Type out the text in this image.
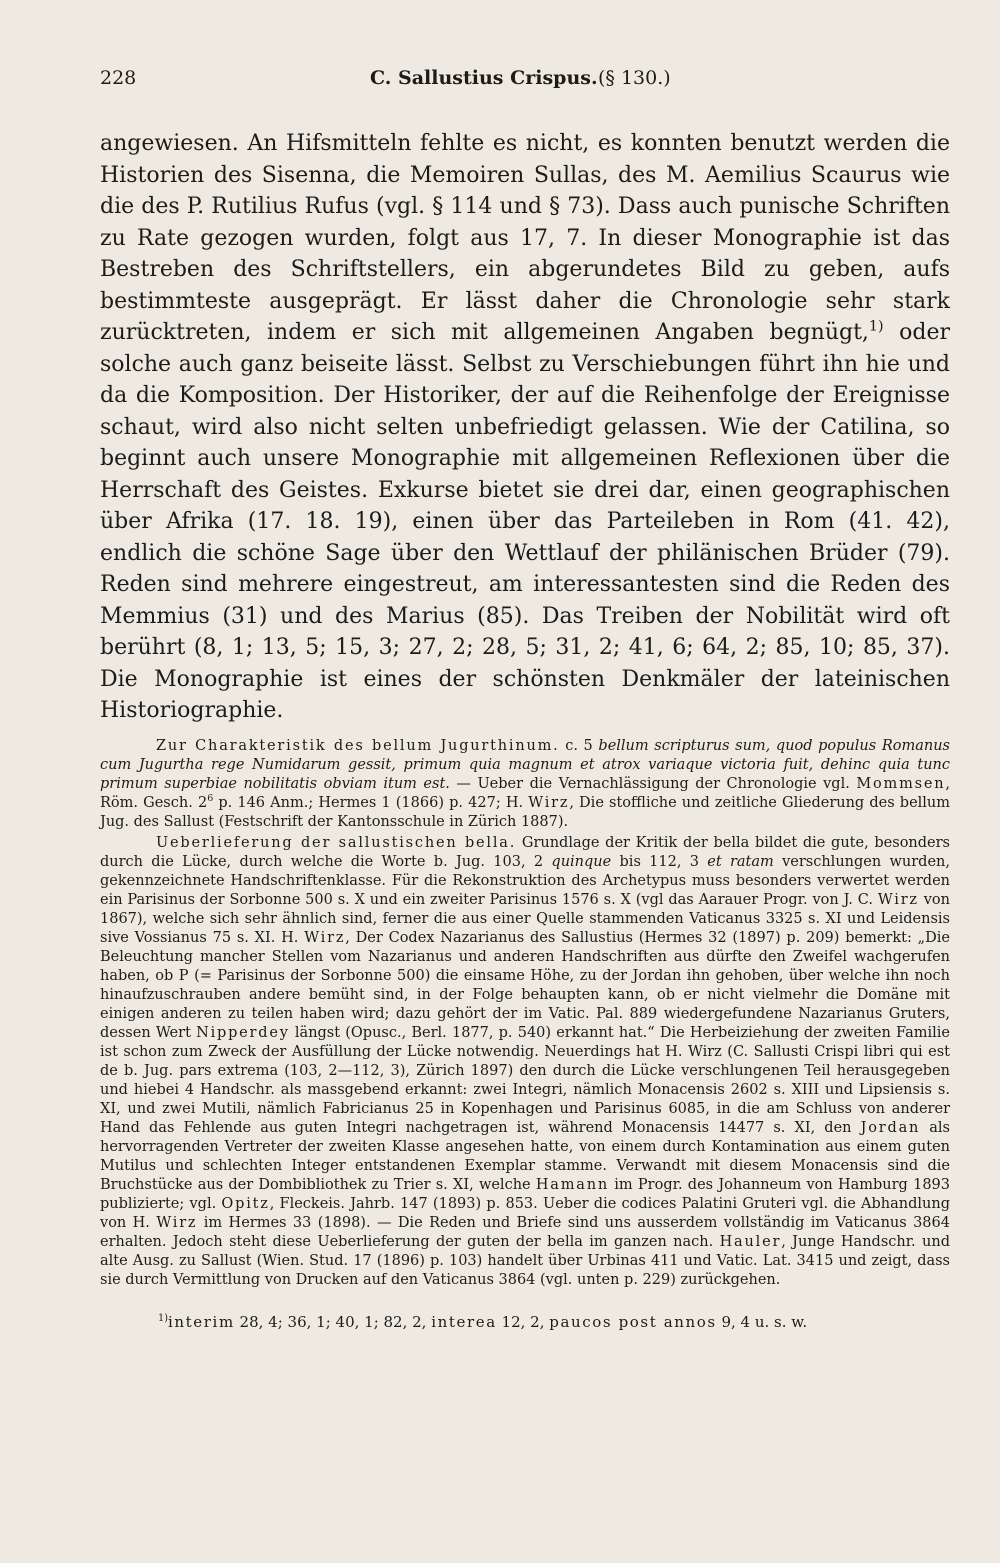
228	C. Sallustius Crispus. (§ 130.)

angewiesen. An Hifsmitteln fehlte es nicht, es konnten benutzt werden die Historien des Sisenna, die Memoiren Sullas, des M. Aemilius Scaurus wie die des P. Rutilius Rufus (vgl. § 114 und § 73). Dass auch punische Schriften zu Rate gezogen wurden, folgt aus 17, 7. In dieser Monographie ist das Bestreben des Schriftstellers, ein abgerundetes Bild zu geben, aufs bestimmteste ausgeprägt. Er lässt daher die Chronologie sehr stark zurücktreten, indem er sich mit allgemeinen Angaben begnügt,$^{1)}$ oder solche auch ganz beiseite lässt. Selbst zu Verschiebungen führt ihn hie und da die Komposition. Der Historiker, der auf die Reihenfolge der Ereignisse schaut, wird also nicht selten unbefriedigt gelassen. Wie der Catilina, so beginnt auch unsere Monographie mit allgemeinen Reflexionen über die Herrschaft des Geistes. Exkurse bietet sie drei dar, einen geographischen über Afrika (17. 18. 19), einen über das Parteileben in Rom (41. 42), endlich die schöne Sage über den Wettlauf der philänischen Brüder (79). Reden sind mehrere eingestreut, am interessantesten sind die Reden des Memmius (31) und des Marius (85). Das Treiben der Nobilität wird oft berührt (8, 1; 13, 5; 15, 3; 27, 2; 28, 5; 31, 2; 41, 6; 64, 2; 85, 10; 85, 37). Die Monographie ist eines der schönsten Denkmäler der lateinischen Historiographie.

Zur Charakteristik des bellum Jugurthinum. c. 5 bellum scripturus sum, quod populus Romanus cum Jugurtha rege Numidarum gessit, primum quia magnum et atrox variaque victoria fuit, dehinc quia tunc primum superbiae nobilitatis obviam itum est. — Ueber die Vernachlässigung der Chronologie vgl. Mommsen, Röm. Gesch. $2^6$ p. 146 Anm.; Hermes 1 (1866) p. 427; H. Wirz, Die stoffliche und zeitliche Gliederung des bellum Jug. des Sallust (Festschrift der Kantonsschule in Zürich 1887).

Ueberlieferung der sallustischen bella. Grundlage der Kritik der bella bildet die gute, besonders durch die Lücke, durch welche die Worte b. Jug. 103, 2 quinque bis 112, 3 et ratam verschlungen wurden, gekennzeichnete Handschriftenklasse. Für die Rekonstruktion des Archetypus muss besonders verwertet werden ein Parisinus der Sorbonne 500 s. X und ein zweiter Parisinus 1576 s. X (vgl das Aarauer Progr. von J. C. Wirz von 1867), welche sich sehr ähnlich sind, ferner die aus einer Quelle stammenden Vaticanus 3325 s. XI und Leidensis sive Vossianus 75 s. XI. H. Wirz, Der Codex Nazarianus des Sallustius (Hermes 32 (1897) p. 209) bemerkt: „Die Beleuchtung mancher Stellen vom Nazarianus und anderen Handschriften aus dürfte den Zweifel wachgerufen haben, ob P (= Parisinus der Sorbonne 500) die einsame Höhe, zu der Jordan ihn gehoben, über welche ihn noch hinaufzuschrauben andere bemüht sind, in der Folge behaupten kann, ob er nicht vielmehr die Domäne mit einigen anderen zu teilen haben wird; dazu gehört der im Vatic. Pal. 889 wiedergefundene Nazarianus Gruters, dessen Wert Nipperdey längst (Opusc., Berl. 1877, p. 540) erkannt hat.“ Die Herbeiziehung der zweiten Familie ist schon zum Zweck der Ausfüllung der Lücke notwendig. Neuerdings hat H. Wirz (C. Sallusti Crispi libri qui est de b. Jug. pars extrema (103, 2—112, 3), Zürich 1897) den durch die Lücke verschlungenen Teil herausgegeben und hiebei 4 Handschr. als massgebend erkannt: zwei Integri, nämlich Monacensis 2602 s. XIII und Lipsiensis s. XI, und zwei Mutili, nämlich Fabricianus 25 in Kopenhagen und Parisinus 6085, in die am Schluss von anderer Hand das Fehlende aus guten Integri nachgetragen ist, während Monacensis 14477 s. XI, den Jordan als hervorragenden Vertreter der zweiten Klasse angesehen hatte, von einem durch Kontamination aus einem guten Mutilus und schlechten Integer entstandenen Exemplar stamme. Verwandt mit diesem Monacensis sind die Bruchstücke aus der Dombibliothek zu Trier s. XI, welche Hamann im Progr. des Johanneum von Hamburg 1893 publizierte; vgl. Opitz, Fleckeis. Jahrb. 147 (1893) p. 853. Ueber die codices Palatini Gruteri vgl. die Abhandlung von H. Wirz im Hermes 33 (1898). — Die Reden und Briefe sind uns ausserdem vollständig im Vaticanus 3864 erhalten. Jedoch steht diese Ueberlieferung der guten der bella im ganzen nach. Hauler, Junge Handschr. und alte Ausg. zu Sallust (Wien. Stud. 17 (1896) p. 103) handelt über Urbinas 411 und Vatic. Lat. 3415 und zeigt, dass sie durch Vermittlung von Drucken auf den Vaticanus 3864 (vgl. unten p. 229) zurückgehen.

$^{1)}$interim 28, 4; 36, 1; 40, 1; 82, 2, interea 12, 2, paucos post annos 9, 4 u. s. w.
